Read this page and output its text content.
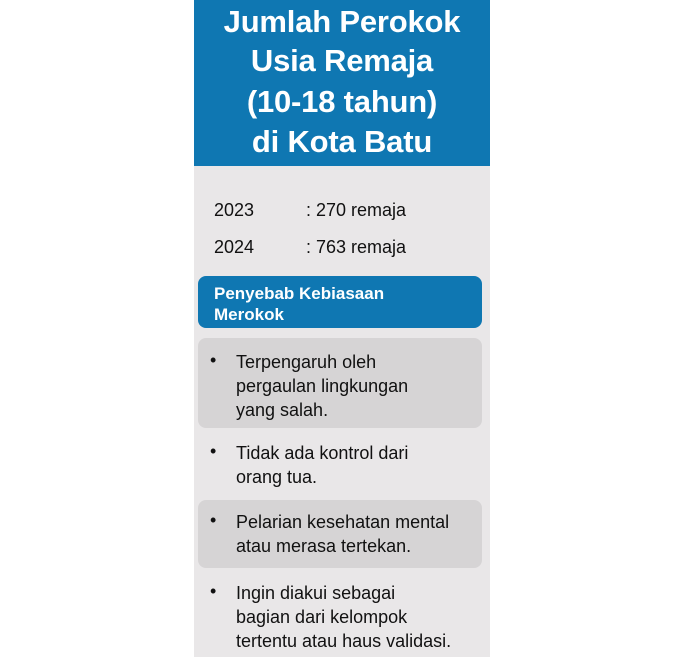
Jumlah Perokok
Usia Remaja
(10-18 tahun)
di Kota Batu
2023	: 270 remaja
2024	: 763 remaja
Penyebab Kebiasaan
Merokok
• Terpengaruh oleh
pergaulan lingkungan
yang salah.
• Tidak ada kontrol dari
orang tua.
• Pelarian kesehatan mental
atau merasa tertekan.
• Ingin diakui sebagai
bagian dari kelompok
tertentu atau haus validasi.
